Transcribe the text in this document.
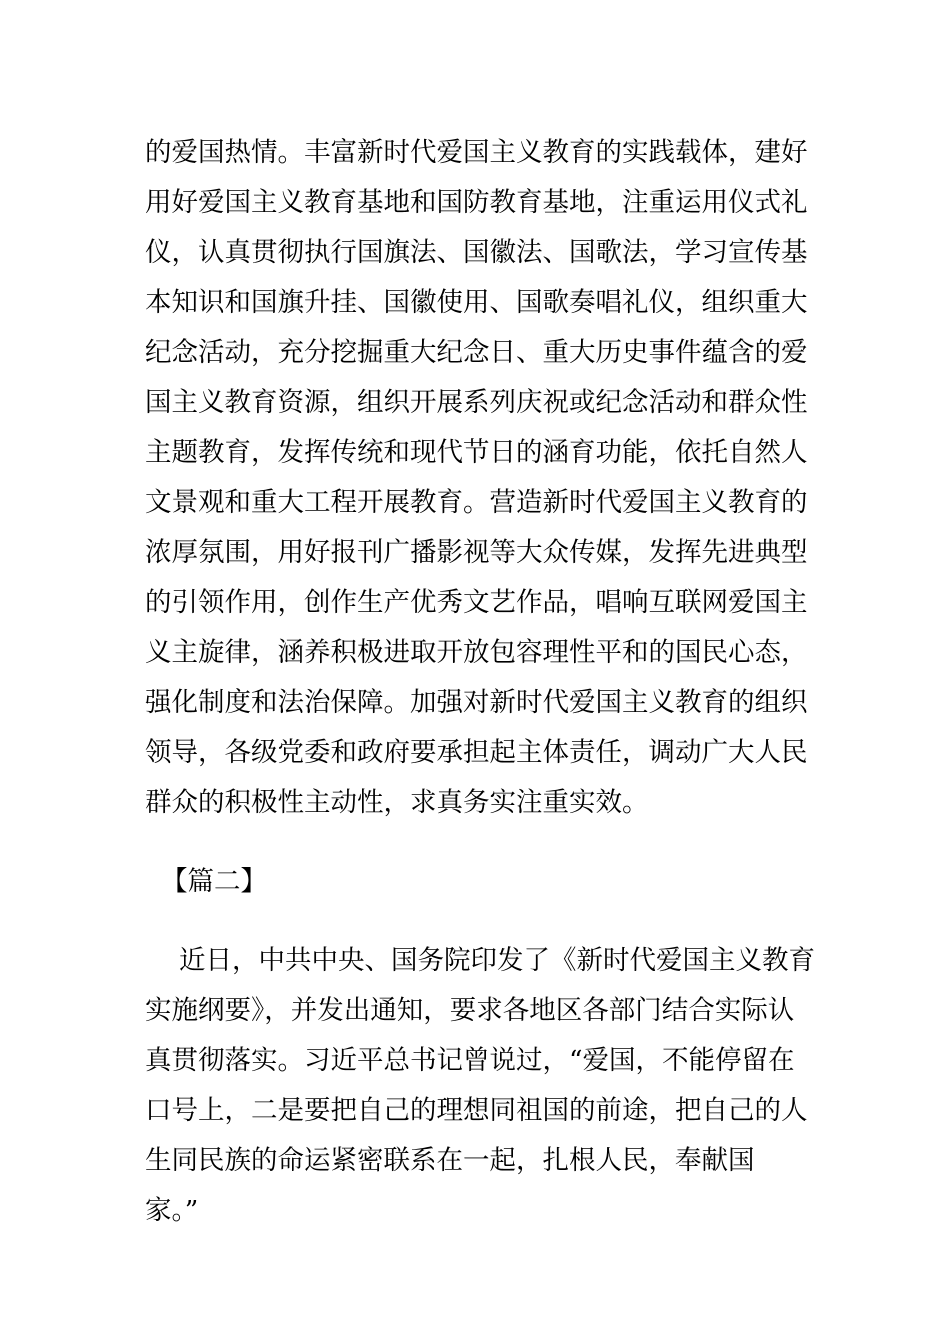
的爱国热情。丰富新时代爱国主义教育的实践载体，建好
用好爱国主义教育基地和国防教育基地，注重运用仪式礼
仪，认真贯彻执行国旗法、国徽法、国歌法，学习宣传基
本知识和国旗升挂、国徽使用、国歌奏唱礼仪，组织重大
纪念活动，充分挖掘重大纪念日、重大历史事件蕴含的爱
国主义教育资源，组织开展系列庆祝或纪念活动和群众性
主题教育，发挥传统和现代节日的涵育功能，依托自然人
文景观和重大工程开展教育。营造新时代爱国主义教育的
浓厚氛围，用好报刊广播影视等大众传媒，发挥先进典型
的引领作用，创作生产优秀文艺作品，唱响互联网爱国主
义主旋律，涵养积极进取开放包容理性平和的国民心态，
强化制度和法治保障。加强对新时代爱国主义教育的组织
领导，各级党委和政府要承担起主体责任，调动广大人民
群众的积极性主动性，求真务实注重实效。
【篇二】
近日，中共中央、国务院印发了《新时代爱国主义教育
实施纲要》，并发出通知，要求各地区各部门结合实际认
真贯彻落实。习近平总书记曾说过，“爱国，不能停留在
口号上，二是要把自己的理想同祖国的前途，把自己的人
生同民族的命运紧密联系在一起，扎根人民，奉献国
家。”
